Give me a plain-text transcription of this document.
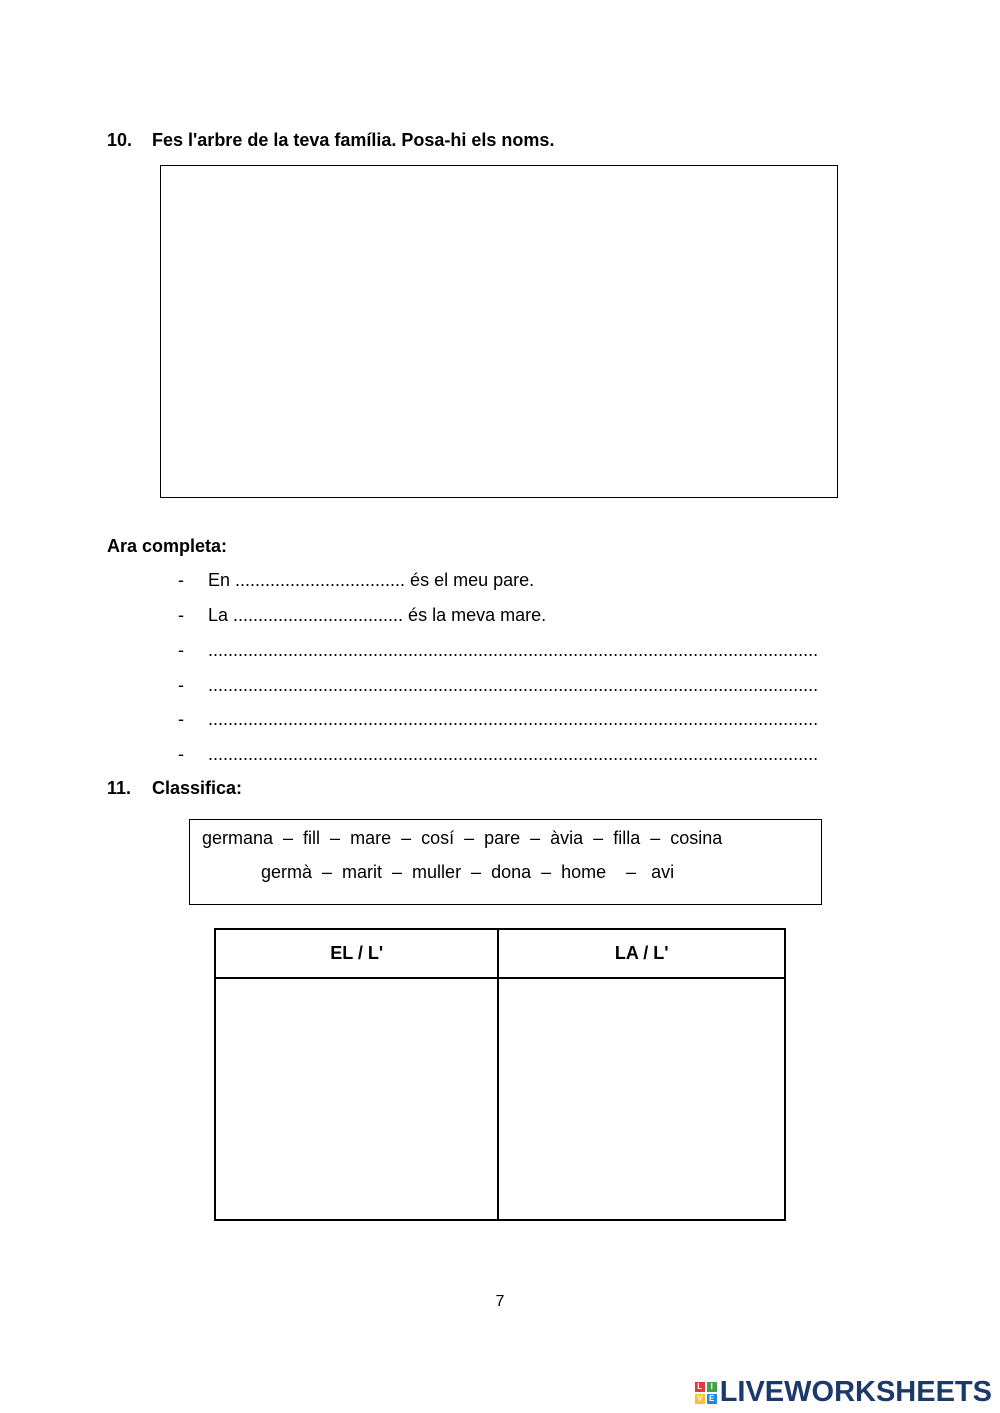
10. Fes l'arbre de la teva família. Posa-hi els noms.
Ara completa:
- En .................................. és el meu pare.
- La .................................. és la meva mare.
- ..........................................................................................................................
- ..........................................................................................................................
- ..........................................................................................................................
- ..........................................................................................................................
11. Classifica:
germana  –  fill  –  mare  –  cosí  –  pare  –  àvia  –  filla  –  cosina
germà  –  marit  –  muller  –  dona  –  home    –   avi
EL / L'	LA / L'

7
L	I
V E LIVEWORKSHEETS
